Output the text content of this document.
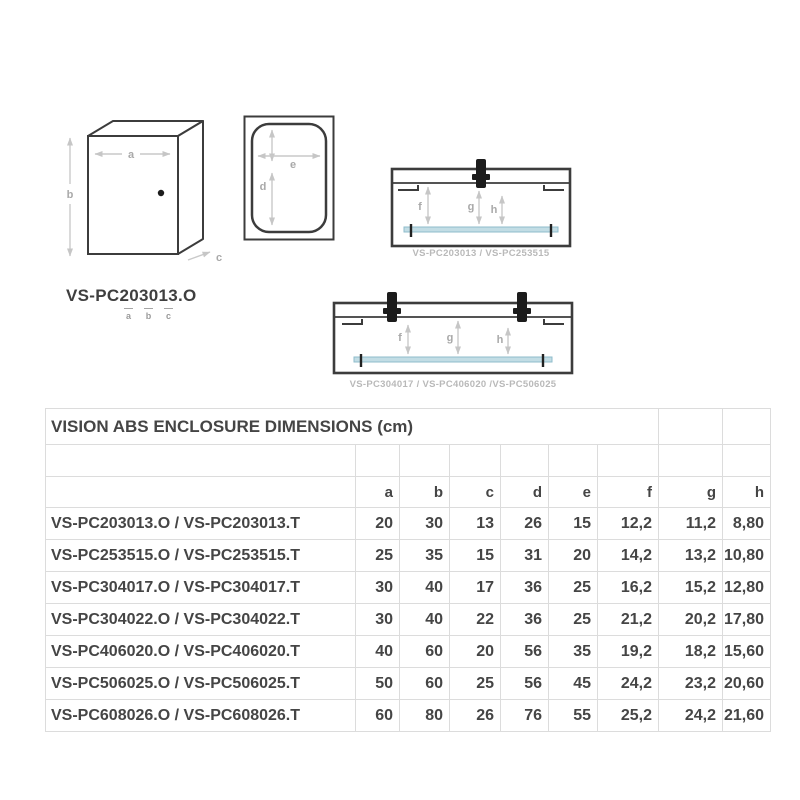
a
b
c
e
d
f	g h
VS-PC203013 / VS-PC253515
f	g	h
VS-PC304017 / VS-PC406020 /VS-PC506025
VS-PC203013.O
a	b	c
VISION ABS ENCLOSURE DIMENSIONS (cm)								

	a	b	c	d	e	f	g	h
VS-PC203013.O / VS-PC203013.T	20	30	13	26	15	12,2	11,2	8,80
VS-PC253515.O / VS-PC253515.T	25	35	15	31	20	14,2	13,2	10,80
VS-PC304017.O / VS-PC304017.T	30	40	17	36	25	16,2	15,2	12,80
VS-PC304022.O / VS-PC304022.T	30	40	22	36	25	21,2	20,2	17,80
VS-PC406020.O / VS-PC406020.T	40	60	20	56	35	19,2	18,2	15,60
VS-PC506025.O / VS-PC506025.T	50	60	25	56	45	24,2	23,2	20,60
VS-PC608026.O / VS-PC608026.T	60	80	26	76	55	25,2	24,2	21,60
